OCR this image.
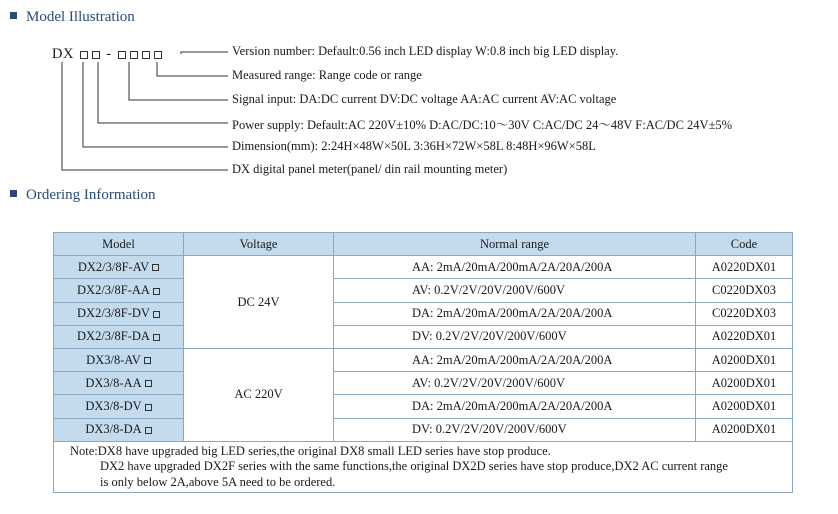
Model Illustration
DX -	Version number: Default:0.56 inch LED display W:0.8 inch big LED display.
Measured range: Range code or range
Signal input: DA:DC current DV:DC voltage AA:AC current AV:AC voltage
Power supply: Default:AC 220V±10% D:AC/DC:10～30V C:AC/DC 24～48V F:AC/DC 24V±5%
Dimension(mm): 2:24H×48W×50L 3:36H×72W×58L 8:48H×96W×58L
DX digital panel meter(panel/ din rail mounting meter)
Ordering Information
Model	Voltage	Normal range	Code
DX2/3/8F-AV	DC 24V	AA: 2mA/20mA/200mA/2A/20A/200A	A0220DX01
DX2/3/8F-AA		AV: 0.2V/2V/20V/200V/600V	C0220DX03
DX2/3/8F-DV		DA: 2mA/20mA/200mA/2A/20A/200A	C0220DX03
DX2/3/8F-DA		DV: 0.2V/2V/20V/200V/600V	A0220DX01
DX3/8-AV	AC 220V	AA: 2mA/20mA/200mA/2A/20A/200A	A0200DX01
DX3/8-AA		AV: 0.2V/2V/20V/200V/600V	A0200DX01
DX3/8-DV		DA: 2mA/20mA/200mA/2A/20A/200A	A0200DX01
DX3/8-DA		DV: 0.2V/2V/20V/200V/600V	A0200DX01

Note:DX8 have upgraded big LED series,the original DX8 small LED series have stop produce.
DX2 have upgraded DX2F series with the same functions,the original DX2D series have stop produce,DX2 AC current range
is only below 2A,above 5A need to be ordered.			
